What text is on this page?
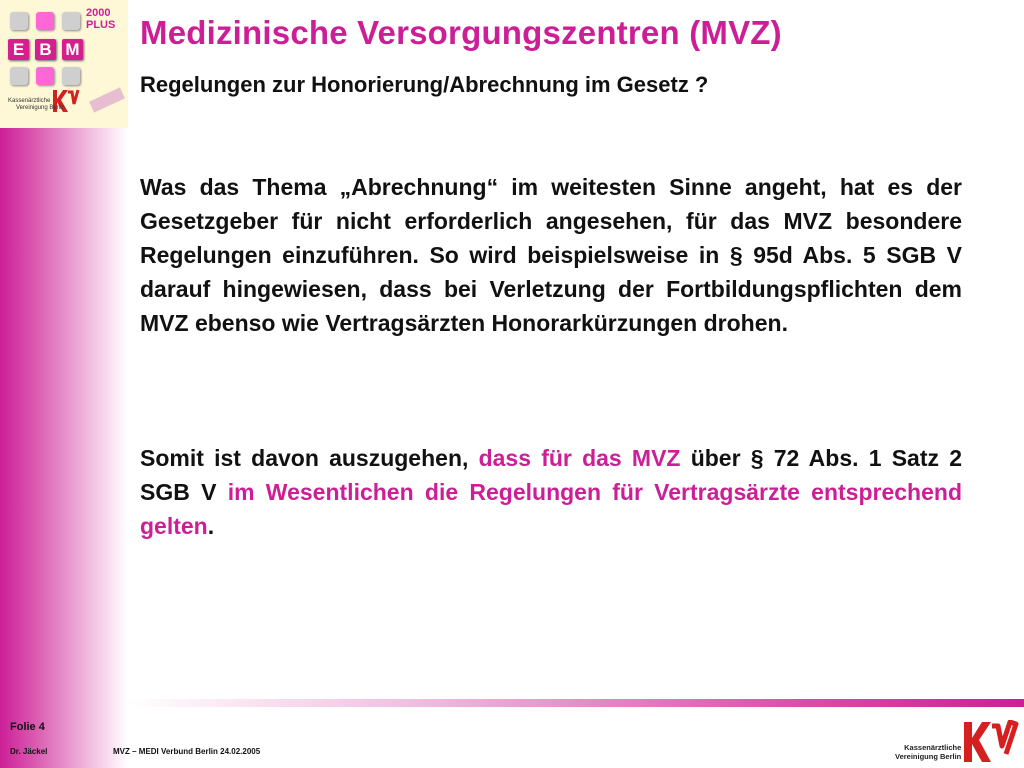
E B M
2000
PLUS
Kassenärztliche
Vereinigung Berlin
Medizinische Versorgungszentren (MVZ)
Regelungen zur Honorierung/Abrechnung im Gesetz ?
Was das Thema „Abrechnung“ im weitesten Sinne angeht, hat es der Gesetzgeber für nicht erforderlich angesehen, für das MVZ besondere Regelungen einzuführen. So wird beispielsweise in § 95d Abs. 5 SGB V darauf hingewiesen, dass bei Verletzung der Fortbildungspflichten dem MVZ ebenso wie Vertragsärzten Honorarkürzungen drohen.
Somit ist davon auszugehen, dass für das MVZ über § 72 Abs. 1 Satz 2 SGB V im Wesentlichen die Regelungen für Vertragsärzte entsprechend gelten.
Folie 4
Dr. Jäckel	MVZ – MEDI Verbund Berlin 24.02.2005	Kassenärztliche
Vereinigung Berlin
